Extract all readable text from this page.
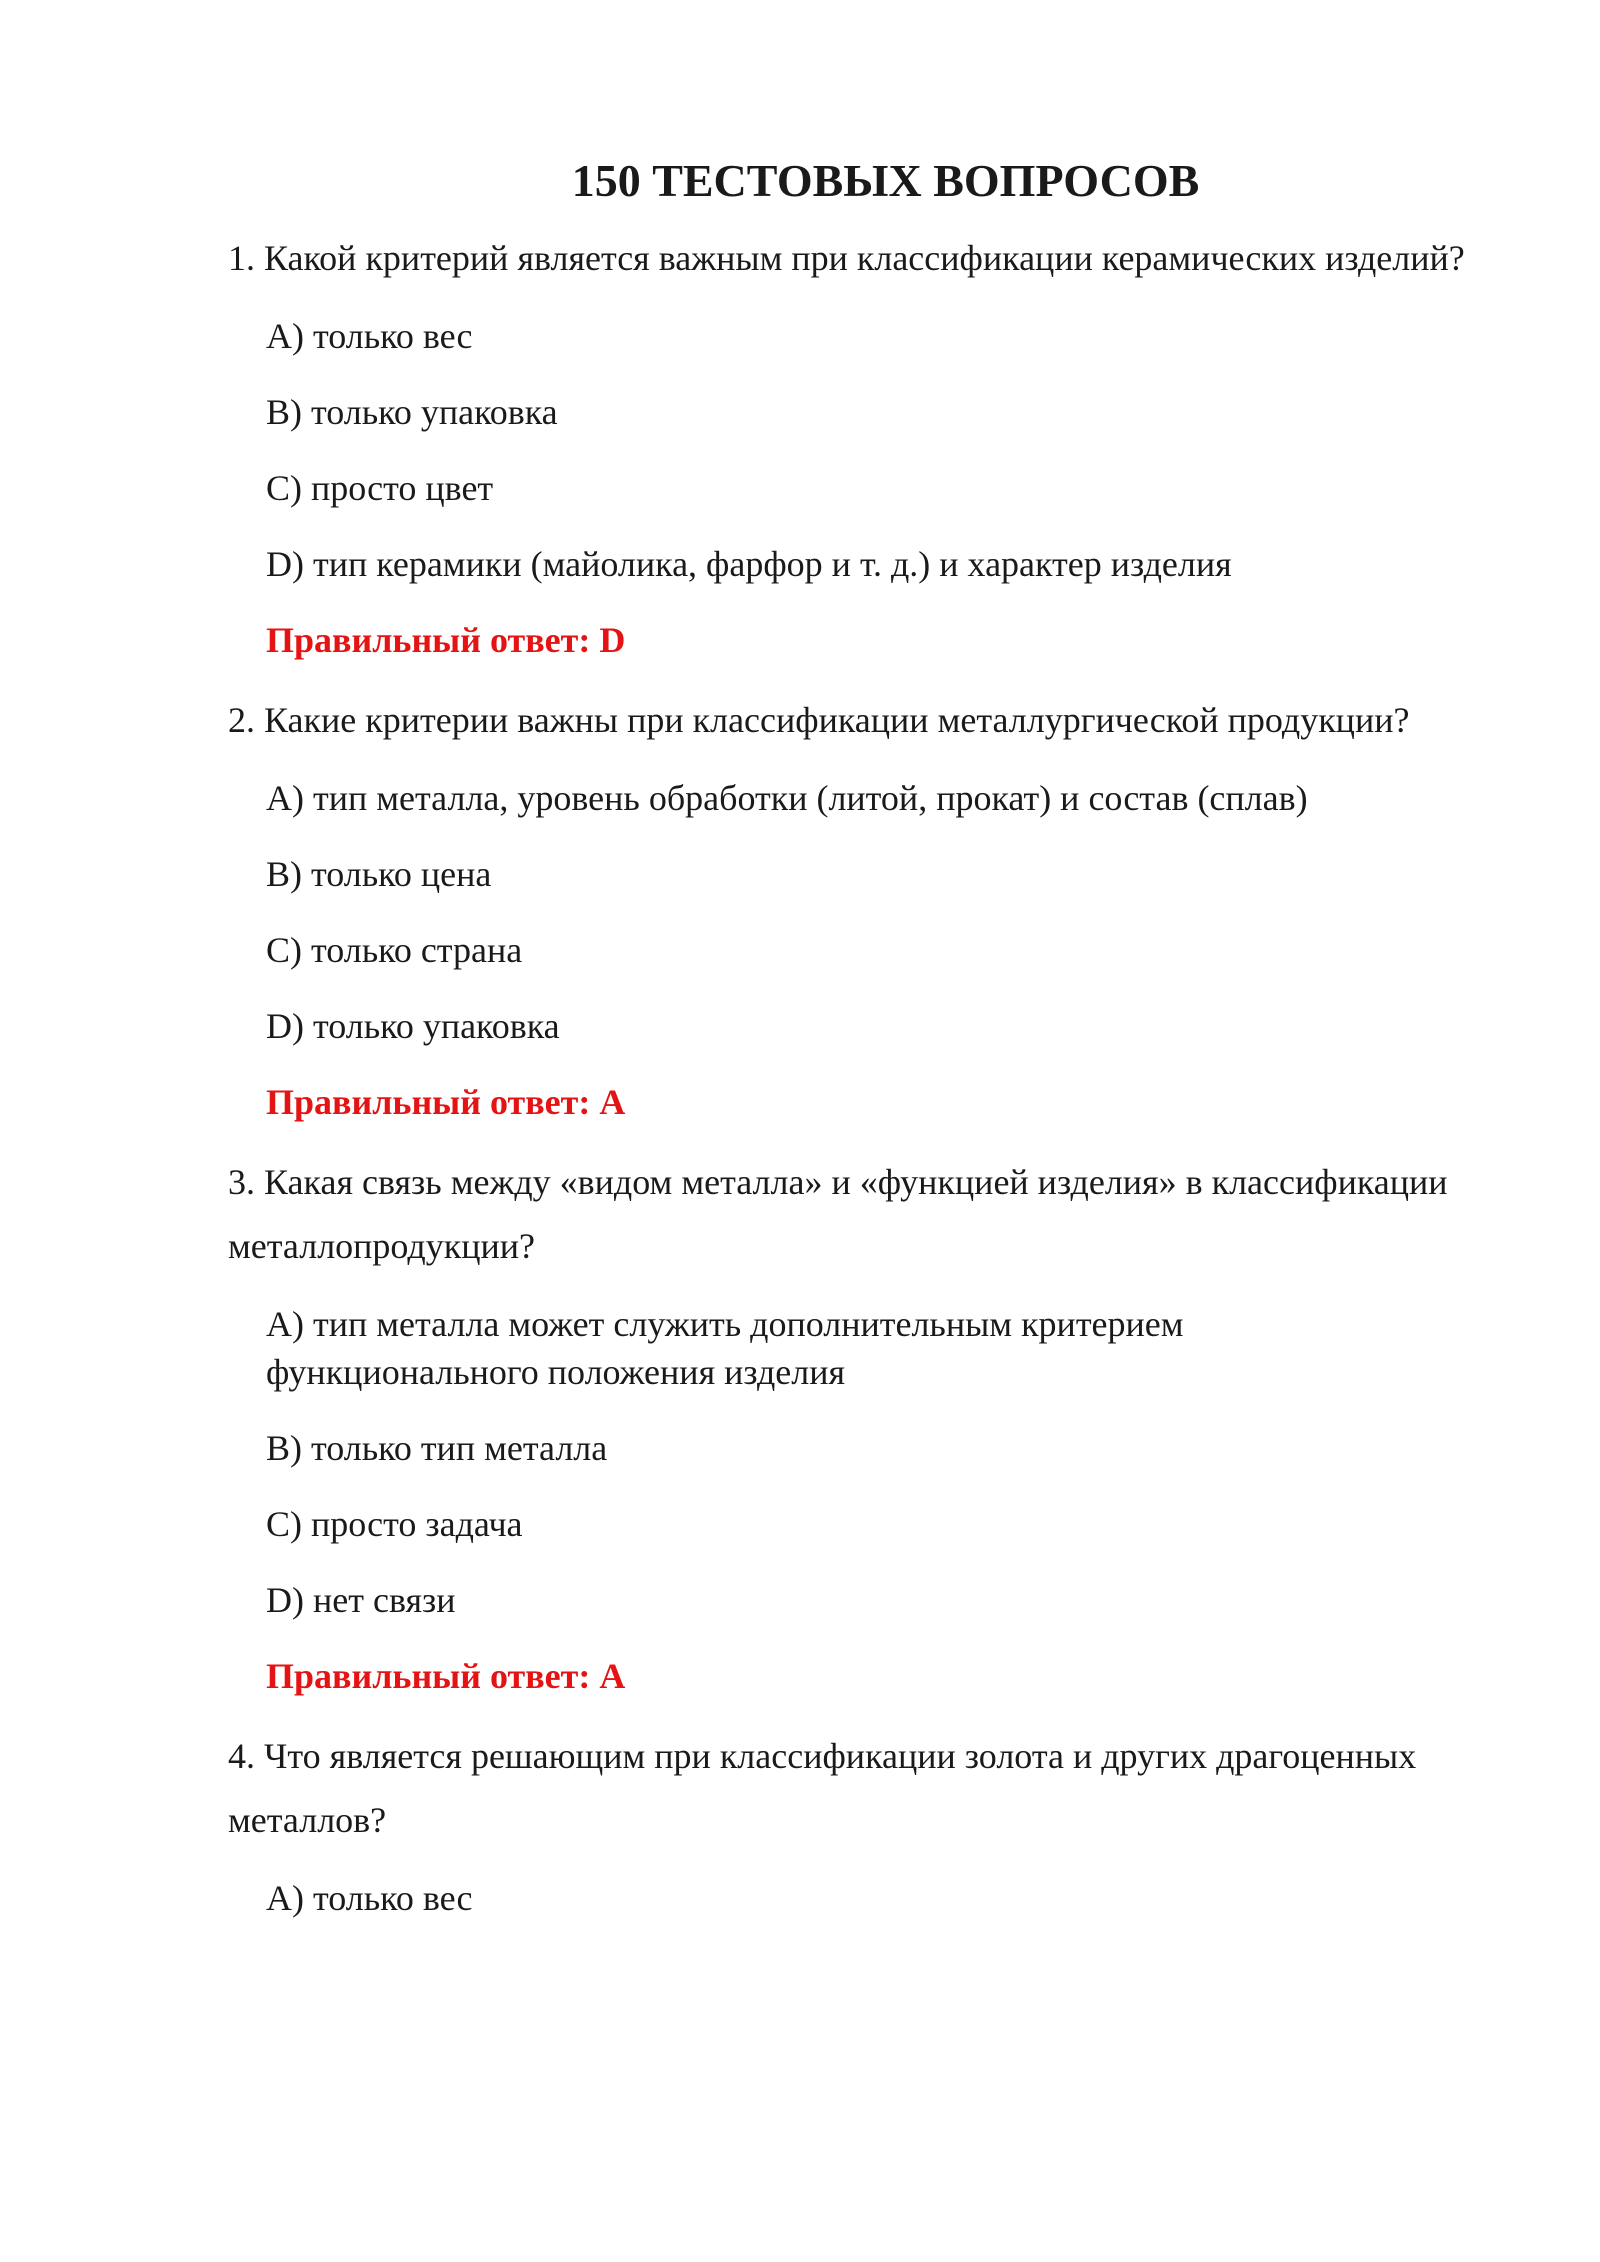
150 ТЕСТОВЫХ ВОПРОСОВ
1. Какой критерий является важным при классификации керамических изделий?
A) только вес
B) только упаковка
C) просто цвет
D) тип керамики (майолика, фарфор и т. д.) и характер изделия
Правильный ответ: D
2. Какие критерии важны при классификации металлургической продукции?
A) тип металла, уровень обработки (литой, прокат) и состав (сплав)
B) только цена
C) только страна
D) только упаковка
Правильный ответ: A
3. Какая связь между «видом металла» и «функцией изделия» в классификации металлопродукции?
A) тип металла может служить дополнительным критерием функционального положения изделия
B) только тип металла
C) просто задача
D) нет связи
Правильный ответ: A
4. Что является решающим при классификации золота и других драгоценных металлов?
A) только вес
